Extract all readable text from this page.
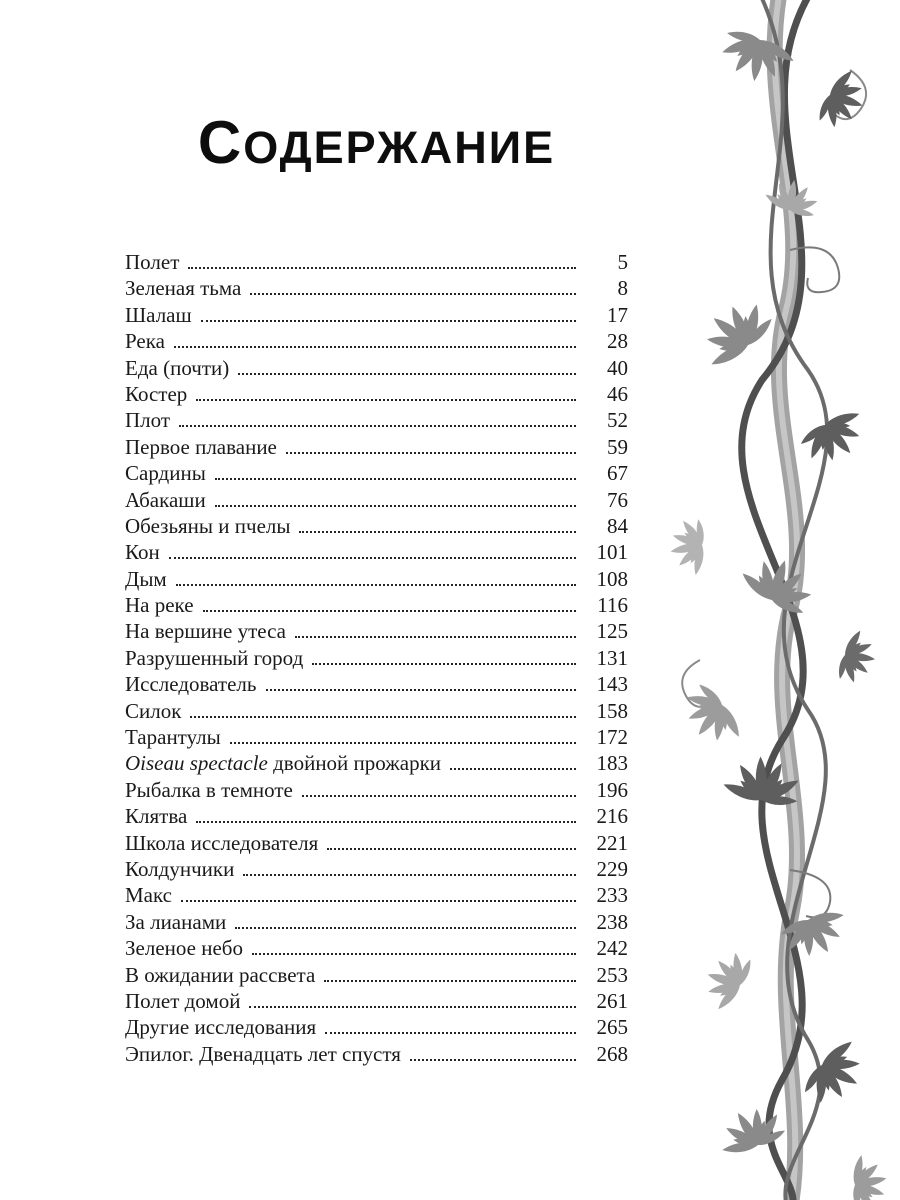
СОДЕРЖАНИЕ
Полет	5
Зеленая тьма	8
Шалаш	17
Река	28
Еда (почти)	40
Костер	46
Плот	52
Первое плавание	59
Сардины	67
Абакаши	76
Обезьяны и пчелы	84
Кон	101
Дым	108
На реке	116
На вершине утеса	125
Разрушенный город	131
Исследователь	143
Силок	158
Тарантулы	172
Oiseau spectacle двойной прожарки	183
Рыбалка в темноте	196
Клятва	216
Школа исследователя	221
Колдунчики	229
Макс	233
За лианами	238
Зеленое небо	242
В ожидании рассвета	253
Полет домой	261
Другие исследования	265
Эпилог. Двенадцать лет спустя	268
